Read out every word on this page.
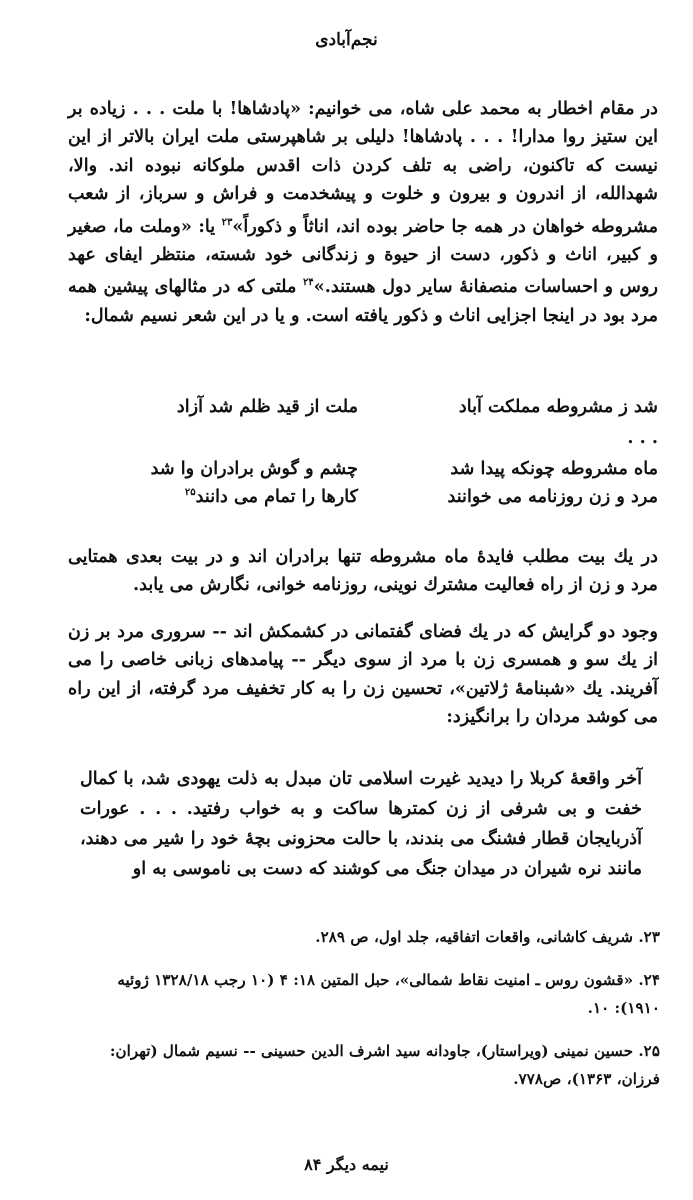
نجم‌آبادی
در مقام اخطار به محمد علی شاه، می خوانیم: «پادشاها! با ملت . . . زیاده بر این ستیز روا مدارا! . . . پادشاها! دلیلی بر شاهپرستی ملت ایران بالاتر از این نیست که تاکنون، راضی به تلف کردن ذات اقدس ملوکانه نبوده اند. والا، شهدالله، از اندرون و بیرون و خلوت و پیشخدمت و فراش و سرباز، از شعب مشروطه خواهان در همه جا حاضر بوده اند، اناثاً و ذکوراً»$^{۲۳}$ یا: «وملت ما، صغیر و کبیر، اناث و ذکور، دست از حیوة و زندگانی خود شسته، منتظر ایفای عهد روس و احساسات منصفانهٔ سایر دول هستند.»$^{۲۴}$ ملتی که در مثالهای پیشین همه مرد بود در اینجا اجزایی اناث و ذکور یافته است. و یا در این شعر نسیم شمال:
شد ز مشروطه مملکت آباد
ملت از قید ظلم شد آزاد
. . .
ماه مشروطه چونکه پیدا شد
چشم و گوش برادران وا شد
مرد و زن روزنامه می خوانند
کارها را تمام می دانند$^{۲۵}$
در یك بیت مطلب فایدهٔ ماه مشروطه تنها برادران اند و در بیت بعدی همتایی مرد و زن از راه فعالیت مشترك نوینی، روزنامه خوانی، نگارش می یابد.
وجود دو گرایش که در یك فضای گفتمانی در کشمکش اند -- سروری مرد بر زن از یك سو و همسری زن با مرد از سوی دیگر -- پیامدهای زبانی خاصی را می آفریند. یك «شبنامهٔ ژلاتین»، تحسین زن را به کار تخفیف مرد گرفته، از این راه می کوشد مردان را برانگیزد:
آخر واقعهٔ کربلا را دیدید غیرت اسلامی تان مبدل به ذلت یهودی شد، با کمال خفت و بی شرفی از زن کمترها ساکت و به خواب رفتید. . . . عورات آذربایجان قطار فشنگ می بندند، با حالت محزونی بچهٔ خود را شیر می دهند، مانند نره شیران در میدان جنگ می کوشند که دست بی ناموسی به او
۲۳. شریف کاشانی، واقعات اتفاقیه، جلد اول، ص ۲۸۹.
۲۴. «قشون روس ـ امنیت نقاط شمالی»، حبل المتین ۱۸: ۴ (۱۰ رجب ۱۳۲۸/۱۸ ژوئیه ۱۹۱۰): ۱۰.
۲۵. حسین نمینی (ویراستار)، جاودانه سید اشرف الدین حسینی -- نسیم شمال (تهران: فرزان، ۱۳۶۳)، ص۷۷۸.
نیمه دیگر ۸۴
